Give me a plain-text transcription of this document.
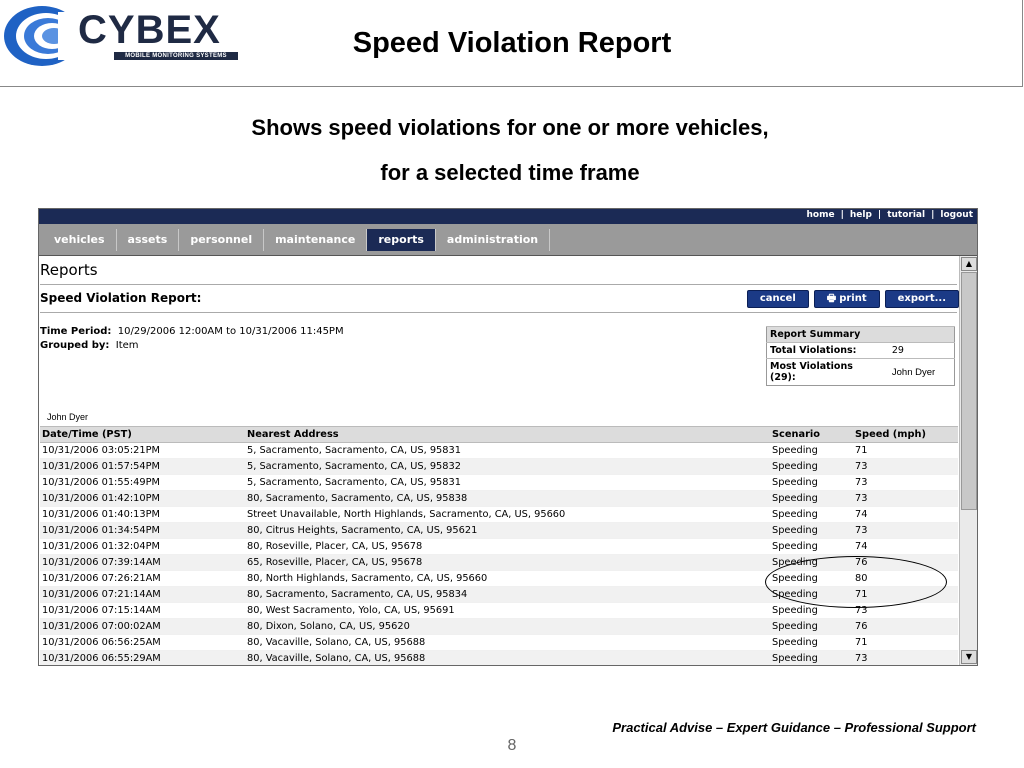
CYBEX
MOBILE MONITORING SYSTEMS	Speed Violation Report
Shows speed violations for one or more vehicles,
for a selected time frame
home | help | tutorial | logout
vehicles	assets	personnel	maintenance	reports	administration
Reports
Speed Violation Report:	cancel	🖶 print	export...
Time Period: 10/29/2006 12:00AM to 10/31/2006 11:45PM
Grouped by: Item
Report Summary	
Total Violations:	29

Most Violations
(29):	John Dyer
John Dyer
Date/Time (PST)	Nearest Address	Scenario	Speed (mph)
10/31/2006 03:05:21PM	5, Sacramento, Sacramento, CA, US, 95831	Speeding	71
10/31/2006 01:57:54PM	5, Sacramento, Sacramento, CA, US, 95832	Speeding	73
10/31/2006 01:55:49PM	5, Sacramento, Sacramento, CA, US, 95831	Speeding	73
10/31/2006 01:42:10PM	80, Sacramento, Sacramento, CA, US, 95838	Speeding	73
10/31/2006 01:40:13PM	Street Unavailable, North Highlands, Sacramento, CA, US, 95660	Speeding	74
10/31/2006 01:34:54PM	80, Citrus Heights, Sacramento, CA, US, 95621	Speeding	73
10/31/2006 01:32:04PM	80, Roseville, Placer, CA, US, 95678	Speeding	74
10/31/2006 07:39:14AM	65, Roseville, Placer, CA, US, 95678	Speeding	76
10/31/2006 07:26:21AM	80, North Highlands, Sacramento, CA, US, 95660	Speeding	80
10/31/2006 07:21:14AM	80, Sacramento, Sacramento, CA, US, 95834	Speeding	71
10/31/2006 07:15:14AM	80, West Sacramento, Yolo, CA, US, 95691	Speeding	73
10/31/2006 07:00:02AM	80, Dixon, Solano, CA, US, 95620	Speeding	76
10/31/2006 06:56:25AM	80, Vacaville, Solano, CA, US, 95688	Speeding	71
10/31/2006 06:55:29AM	80, Vacaville, Solano, CA, US, 95688	Speeding	73
▲
▼
Practical Advise – Expert Guidance – Professional Support
8
